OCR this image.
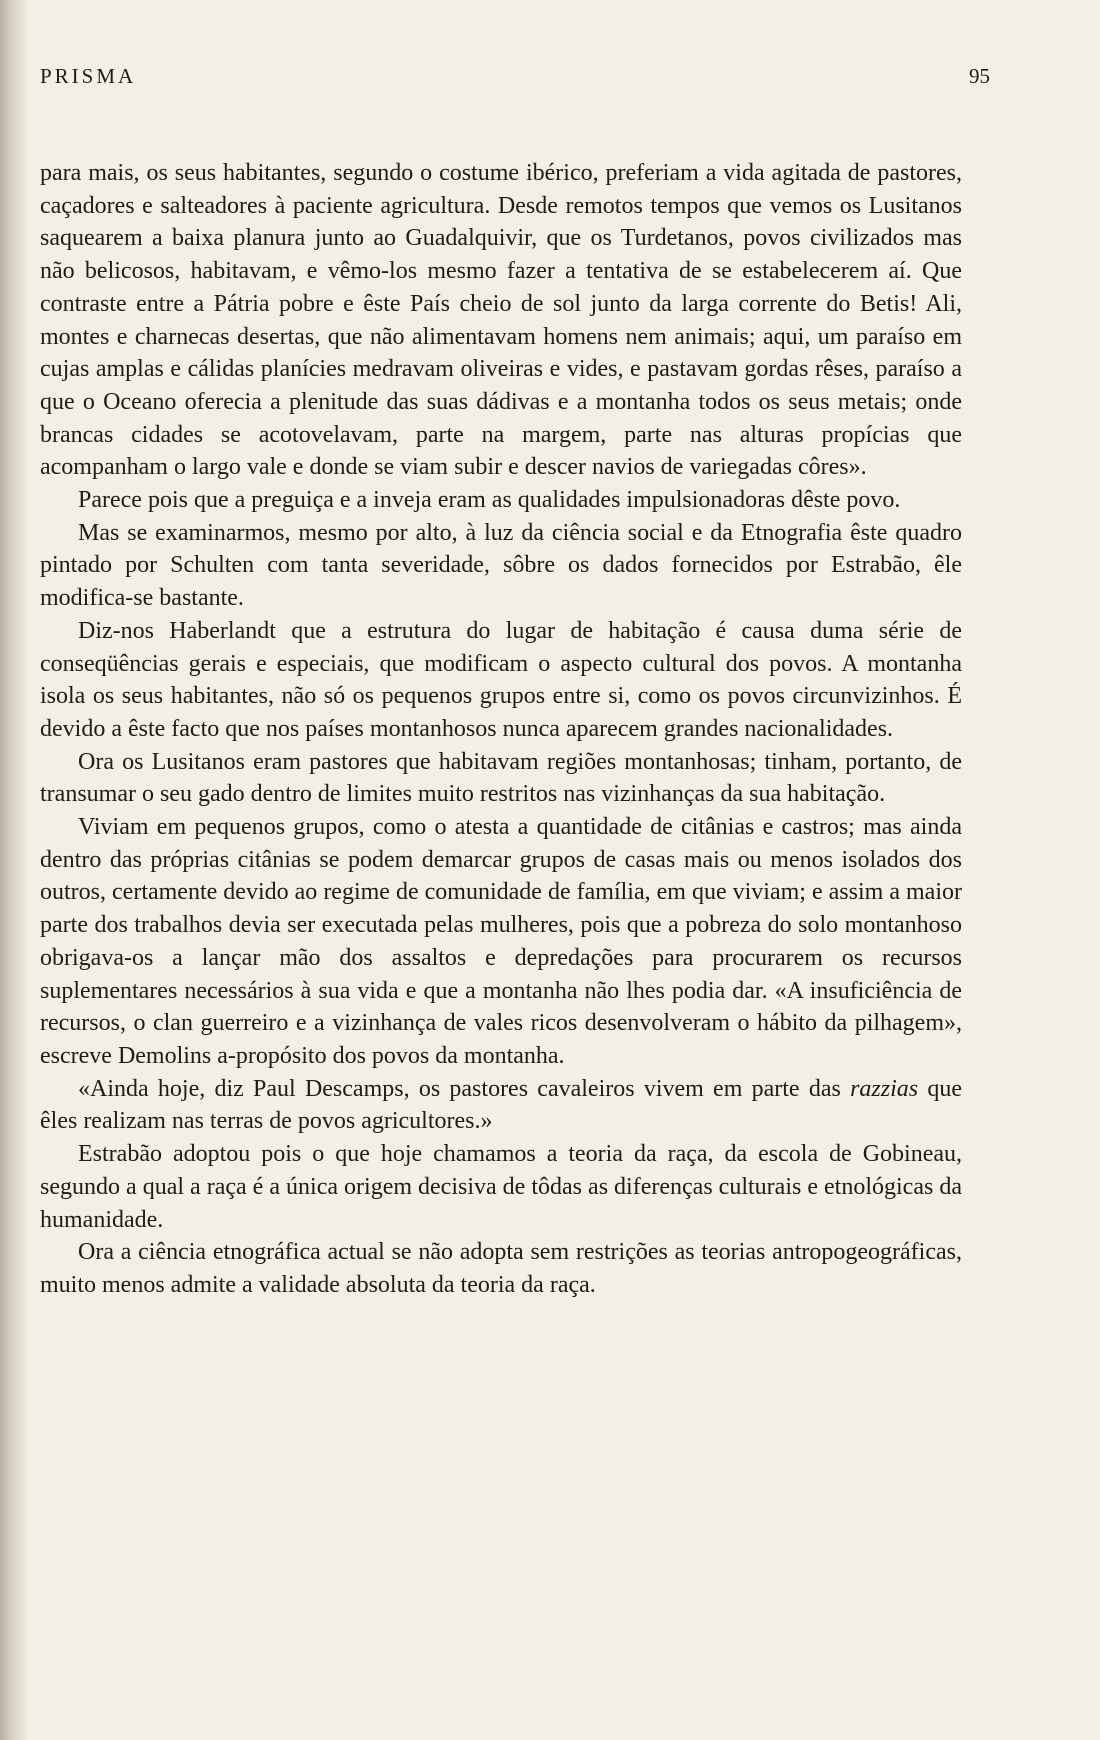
PRISMA	95

para mais, os seus habitantes, segundo o costume ibérico, preferiam a vida agitada de pastores, caçadores e salteadores à paciente agricultura. Desde remotos tempos que vemos os Lusitanos saquearem a baixa planura junto ao Guadalquivir, que os Turdetanos, povos civilizados mas não belicosos, habitavam, e vêmo-los mesmo fazer a tentativa de se estabelecerem aí. Que contraste entre a Pátria pobre e êste País cheio de sol junto da larga corrente do Betis! Ali, montes e charnecas desertas, que não alimentavam homens nem animais; aqui, um paraíso em cujas amplas e cálidas planícies medravam oliveiras e vides, e pastavam gordas rêses, paraíso a que o Oceano oferecia a plenitude das suas dádivas e a montanha todos os seus metais; onde brancas cidades se acotovelavam, parte na margem, parte nas alturas propícias que acompanham o largo vale e donde se viam subir e descer navios de variegadas côres».

Parece pois que a preguiça e a inveja eram as qualidades impulsionadoras dêste povo.

Mas se examinarmos, mesmo por alto, à luz da ciência social e da Etnografia êste quadro pintado por Schulten com tanta severidade, sôbre os dados fornecidos por Estrabão, êle modifica-se bastante.

Diz-nos Haberlandt que a estrutura do lugar de habitação é causa duma série de conseqüências gerais e especiais, que modificam o aspecto cultural dos povos. A montanha isola os seus habitantes, não só os pequenos grupos entre si, como os povos circunvizinhos. É devido a êste facto que nos países montanhosos nunca aparecem grandes nacionalidades.

Ora os Lusitanos eram pastores que habitavam regiões montanhosas; tinham, portanto, de transumar o seu gado dentro de limites muito restritos nas vizinhanças da sua habitação.

Viviam em pequenos grupos, como o atesta a quantidade de citânias e castros; mas ainda dentro das próprias citânias se podem demarcar grupos de casas mais ou menos isolados dos outros, certamente devido ao regime de comunidade de família, em que viviam; e assim a maior parte dos trabalhos devia ser executada pelas mulheres, pois que a pobreza do solo montanhoso obrigava-os a lançar mão dos assaltos e depredações para procurarem os recursos suplementares necessários à sua vida e que a montanha não lhes podia dar. «A insuficiência de recursos, o clan guerreiro e a vizinhança de vales ricos desenvolveram o hábito da pilhagem», escreve Demolins a-propósito dos povos da montanha.

«Ainda hoje, diz Paul Descamps, os pastores cavaleiros vivem em parte das razzias que êles realizam nas terras de povos agricultores.»

Estrabão adoptou pois o que hoje chamamos a teoria da raça, da escola de Gobineau, segundo a qual a raça é a única origem decisiva de tôdas as diferenças culturais e etnológicas da humanidade.

Ora a ciência etnográfica actual se não adopta sem restrições as teorias antropogeográficas, muito menos admite a validade absoluta da teoria da raça.
